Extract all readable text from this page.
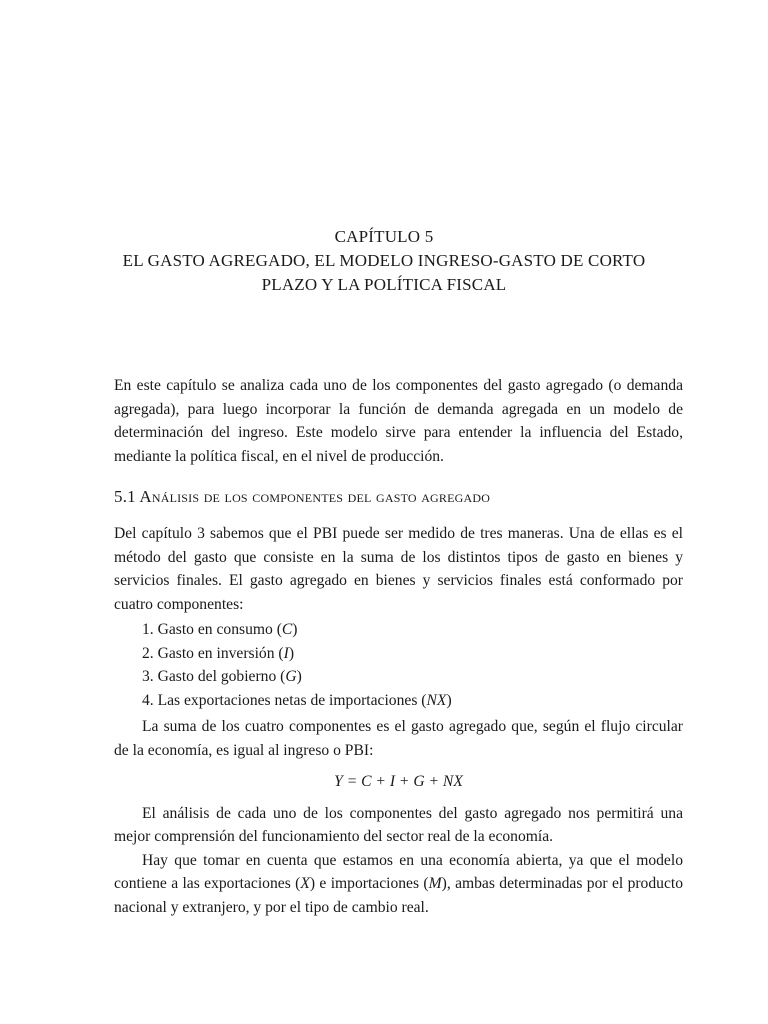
CAPÍTULO 5
EL GASTO AGREGADO, EL MODELO INGRESO-GASTO DE CORTO
PLAZO Y LA POLÍTICA FISCAL

En este capítulo se analiza cada uno de los componentes del gasto agregado (o demanda agregada), para luego incorporar la función de demanda agregada en un modelo de determinación del ingreso. Este modelo sirve para entender la influencia del Estado, mediante la política fiscal, en el nivel de producción.

5.1 Análisis de los componentes del gasto agregado

Del capítulo 3 sabemos que el PBI puede ser medido de tres maneras. Una de ellas es el método del gasto que consiste en la suma de los distintos tipos de gasto en bienes y servicios finales. El gasto agregado en bienes y servicios finales está conformado por cuatro componentes:

1. Gasto en consumo (C)
2. Gasto en inversión (I)
3. Gasto del gobierno (G)
4. Las exportaciones netas de importaciones (NX)

La suma de los cuatro componentes es el gasto agregado que, según el flujo circular de la economía, es igual al ingreso o PBI:

Y = C + I + G + NX

El análisis de cada uno de los componentes del gasto agregado nos permitirá una mejor comprensión del funcionamiento del sector real de la economía.

Hay que tomar en cuenta que estamos en una economía abierta, ya que el modelo contiene a las exportaciones (X) e importaciones (M), ambas determinadas por el producto nacional y extranjero, y por el tipo de cambio real.
